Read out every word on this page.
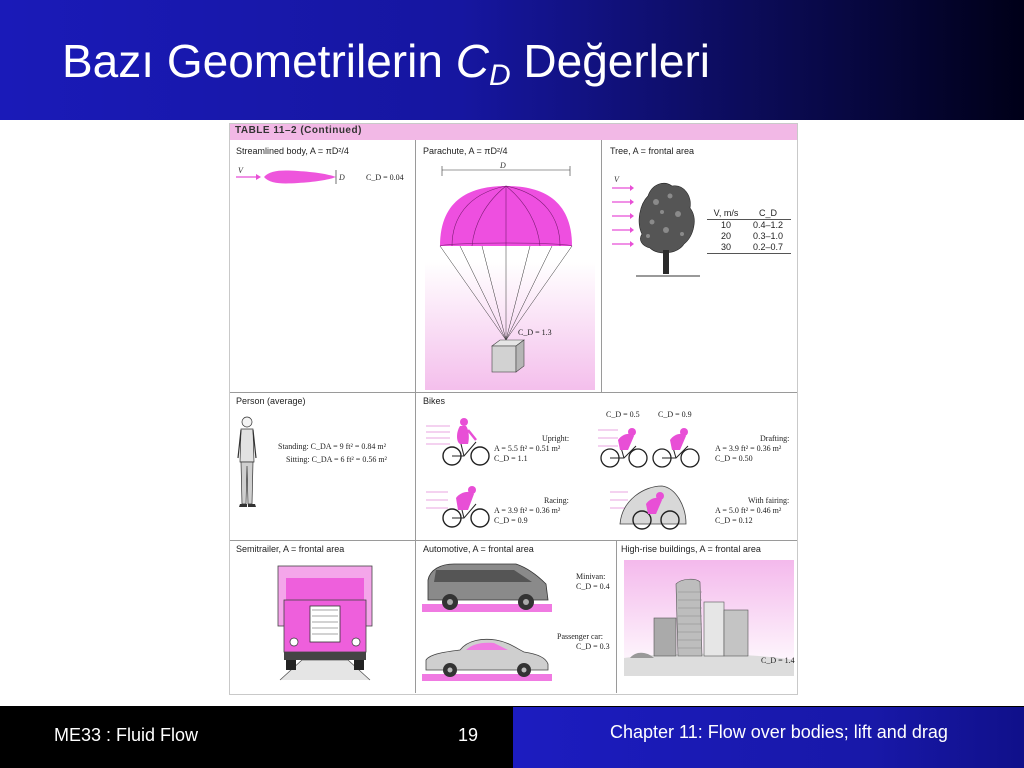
Bazı Geometrilerin $C_D$ Değerleri
TABLE 11–2 (Continued)
Streamlined body, A = πD²/4
V
D	C_D = 0.04
Parachute, A = πD²/4
D
C_D = 1.3
Tree, A = frontal area
V
V, m/s	C_D
10	0.4–1.2
20	0.3–1.0
30	0.2–0.7
Person (average)
Standing: C_DA = 9 ft² = 0.84 m²
Sitting: C_DA = 6 ft² = 0.56 m²
Bikes
C_D = 0.5 C_D = 0.9
Upright:
A = 5.5 ft² = 0.51 m²
C_D = 1.1
Drafting:
A = 3.9 ft² = 0.36 m²
C_D = 0.50
Racing:
A = 3.9 ft² = 0.36 m²
C_D = 0.9
With fairing:
A = 5.0 ft² = 0.46 m²
C_D = 0.12
Semitrailer, A = frontal area	Automotive, A = frontal area
Minivan:
C_D = 0.4
Passenger car:
C_D = 0.3
High-rise buildings, A = frontal area
C_D = 1.4
ME33 : Fluid Flow	19	Chapter 11: Flow over bodies; lift and drag
